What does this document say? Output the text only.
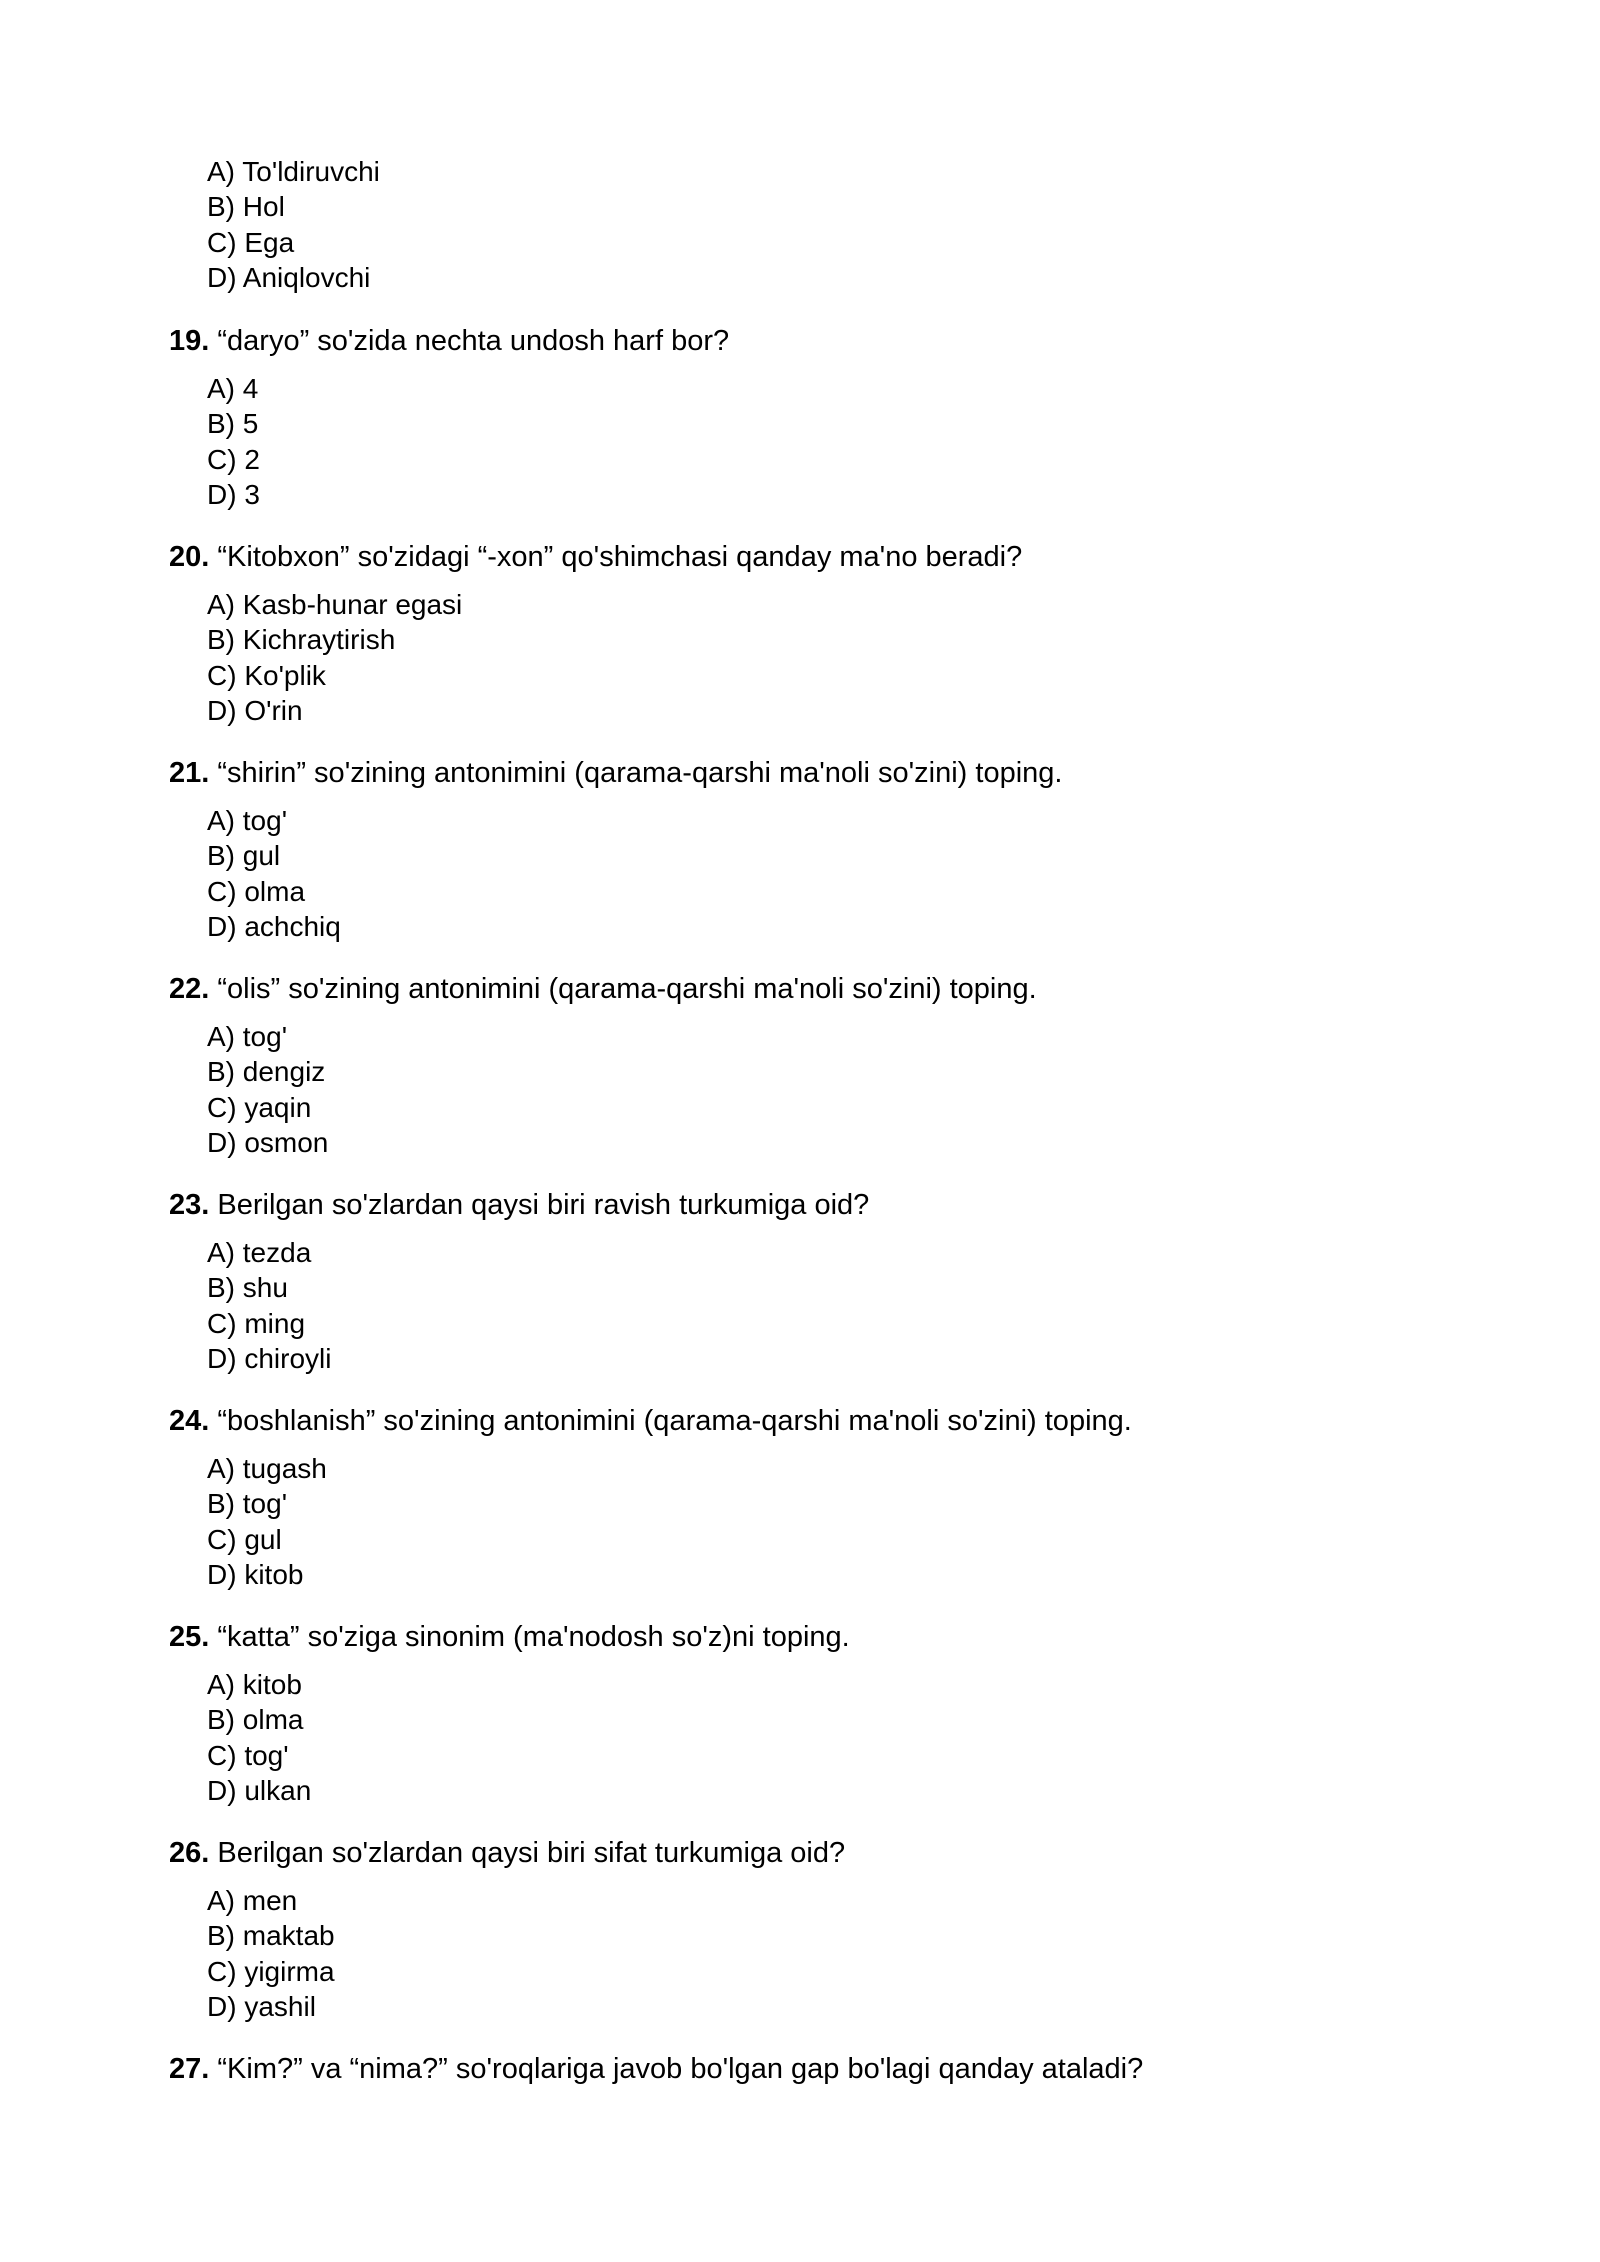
A) To'ldiruvchi
B) Hol
C) Ega
D) Aniqlovchi
19. “daryo” so'zida nechta undosh harf bor?
A) 4
B) 5
C) 2
D) 3
20. “Kitobxon” so'zidagi “-xon” qo'shimchasi qanday ma'no beradi?
A) Kasb-hunar egasi
B) Kichraytirish
C) Ko'plik
D) O'rin
21. “shirin” so'zining antonimini (qarama-qarshi ma'noli so'zini) toping.
A) tog'
B) gul
C) olma
D) achchiq
22. “olis” so'zining antonimini (qarama-qarshi ma'noli so'zini) toping.
A) tog'
B) dengiz
C) yaqin
D) osmon
23. Berilgan so'zlardan qaysi biri ravish turkumiga oid?
A) tezda
B) shu
C) ming
D) chiroyli
24. “boshlanish” so'zining antonimini (qarama-qarshi ma'noli so'zini) toping.
A) tugash
B) tog'
C) gul
D) kitob
25. “katta” so'ziga sinonim (ma'nodosh so'z)ni toping.
A) kitob
B) olma
C) tog'
D) ulkan
26. Berilgan so'zlardan qaysi biri sifat turkumiga oid?
A) men
B) maktab
C) yigirma
D) yashil
27. “Kim?” va “nima?” so'roqlariga javob bo'lgan gap bo'lagi qanday ataladi?
